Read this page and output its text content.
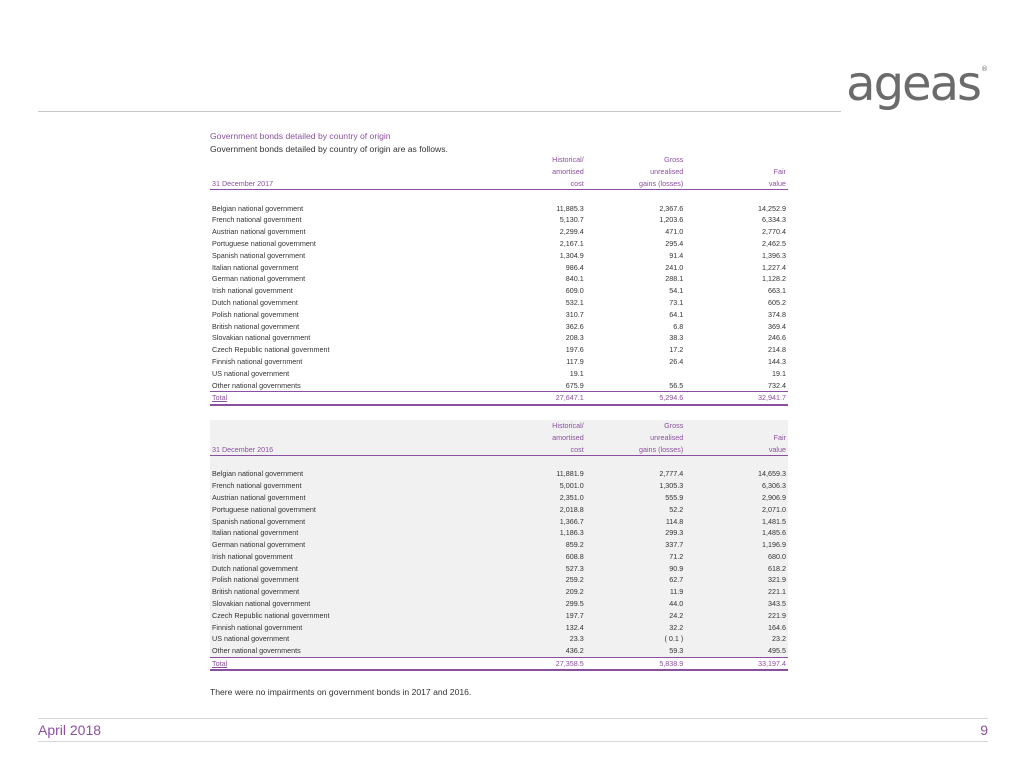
ageas®
Government bonds detailed by country of origin
Government bonds detailed by country of origin are as follows.
	Historical/	Gross	
	amortised	unrealised	Fair
31 December 2017	cost	gains (losses)	value

Belgian national government	11,885.3	2,367.6	14,252.9
French national government	5,130.7	1,203.6	6,334.3
Austrian national government	2,299.4	471.0	2,770.4
Portuguese national government	2,167.1	295.4	2,462.5
Spanish national government	1,304.9	91.4	1,396.3
Italian national government	986.4	241.0	1,227.4
German national government	840.1	288.1	1,128.2
Irish national government	609.0	54.1	663.1
Dutch national government	532.1	73.1	605.2
Polish national government	310.7	64.1	374.8
British national government	362.6	6.8	369.4
Slovakian national government	208.3	38.3	246.6
Czech Republic national government	197.6	17.2	214.8
Finnish national government	117.9	26.4	144.3
US national government	19.1		19.1
Other national governments	675.9	56.5	732.4
Total	27,647.1	5,294.6	32,941.7
	Historical/	Gross	
	amortised	unrealised	Fair
31 December 2016	cost	gains (losses)	value

Belgian national government	11,881.9	2,777.4	14,659.3
French national government	5,001.0	1,305.3	6,306.3
Austrian national government	2,351.0	555.9	2,906.9
Portuguese national government	2,018.8	52.2	2,071.0
Spanish national government	1,366.7	114.8	1,481.5
Italian national government	1,186.3	299.3	1,485.6
German national government	859.2	337.7	1,196.9
Irish national government	608.8	71.2	680.0
Dutch national government	527.3	90.9	618.2
Polish national government	259.2	62.7	321.9
British national government	209.2	11.9	221.1
Slovakian national government	299.5	44.0	343.5
Czech Republic national government	197.7	24.2	221.9
Finnish national government	132.4	32.2	164.6
US national government	23.3	( 0.1 )	23.2
Other national governments	436.2	59.3	495.5
Total	27,358.5	5,838.9	33,197.4
There were no impairments on government bonds in 2017 and 2016.
April 2018	9
